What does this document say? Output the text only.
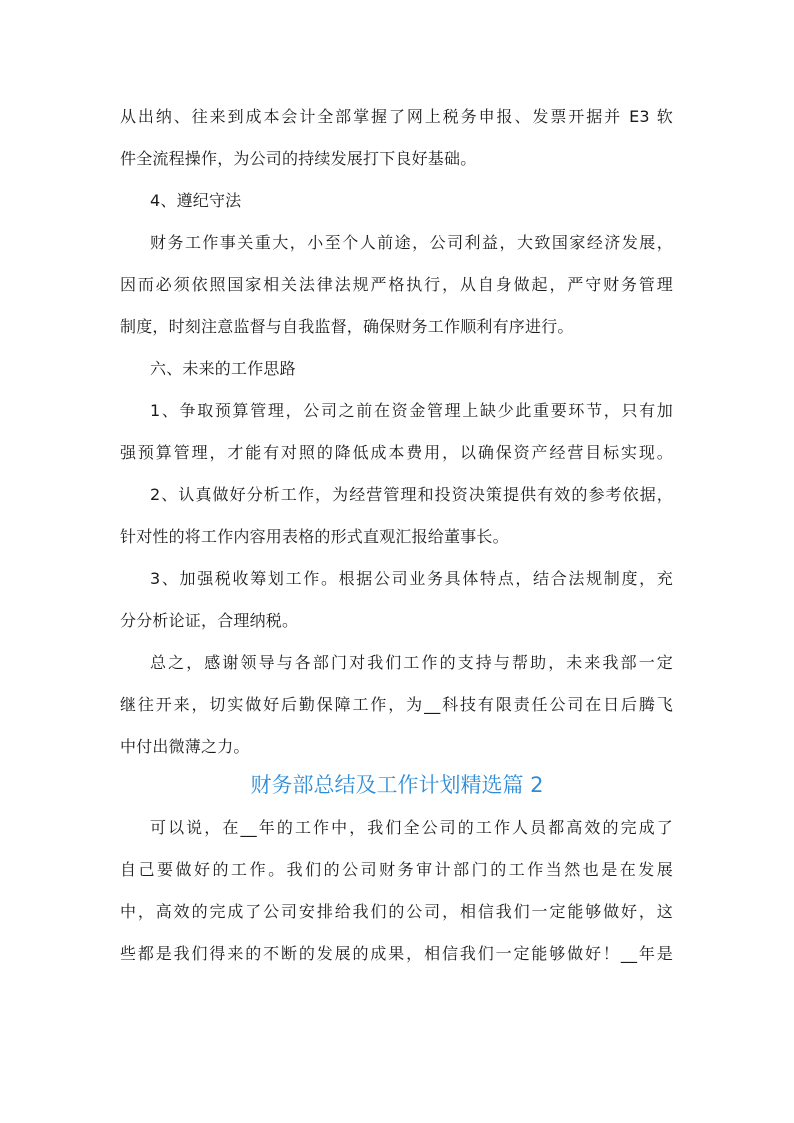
从出纳、往来到成本会计全部掌握了网上税务申报、发票开据并 E3 软
件全流程操作，为公司的持续发展打下良好基础。
4、遵纪守法
财务工作事关重大，小至个人前途，公司利益，大致国家经济发展，
因而必须依照国家相关法律法规严格执行，从自身做起，严守财务管理
制度，时刻注意监督与自我监督，确保财务工作顺利有序进行。
六、未来的工作思路
1、争取预算管理，公司之前在资金管理上缺少此重要环节，只有加
强预算管理，才能有对照的降低成本费用，以确保资产经营目标实现。
2、认真做好分析工作，为经营管理和投资决策提供有效的参考依据，
针对性的将工作内容用表格的形式直观汇报给董事长。
3、加强税收筹划工作。根据公司业务具体特点，结合法规制度，充
分分析论证，合理纳税。
总之，感谢领导与各部门对我们工作的支持与帮助，未来我部一定
继往开来，切实做好后勤保障工作，为__科技有限责任公司在日后腾飞
中付出微薄之力。
财务部总结及工作计划精选篇 2
可以说，在__年的工作中，我们全公司的工作人员都高效的完成了
自己要做好的工作。我们的公司财务审计部门的工作当然也是在发展
中，高效的完成了公司安排给我们的公司，相信我们一定能够做好，这
些都是我们得来的不断的发展的成果，相信我们一定能够做好！__年是
